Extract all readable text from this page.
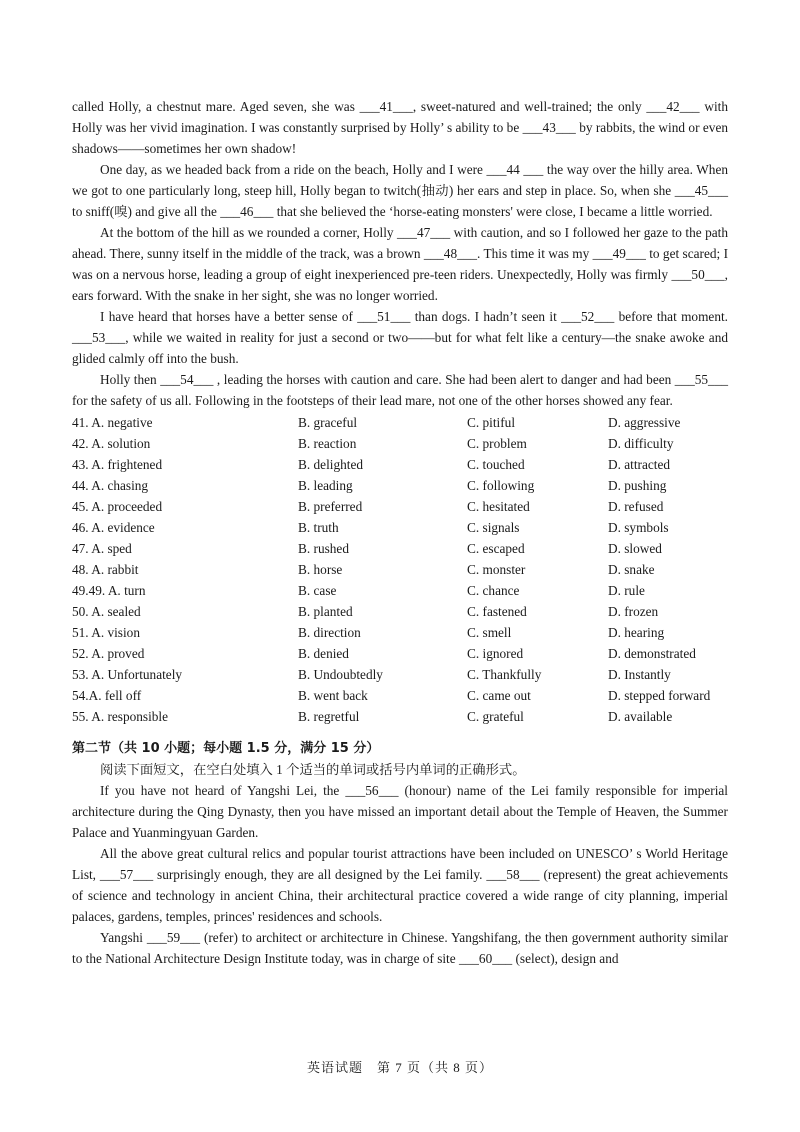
called Holly, a chestnut mare. Aged seven, she was ___41___, sweet-natured and well-trained; the only ___42___ with Holly was her vivid imagination. I was constantly surprised by Holly’ s ability to be ___43___ by rabbits, the wind or even shadows——sometimes her own shadow!

One day, as we headed back from a ride on the beach, Holly and I were ___44 ___ the way over the hilly area. When we got to one particularly long, steep hill, Holly began to twitch(抽动) her ears and step in place. So, when she ___45___ to sniff(嗅) and give all the ___46___ that she believed the ‘horse-eating monsters' were close, I became a little worried.

At the bottom of the hill as we rounded a corner, Holly ___47___ with caution, and so I followed her gaze to the path ahead. There, sunny itself in the middle of the track, was a brown ___48___. This time it was my ___49___ to get scared; I was on a nervous horse, leading a group of eight inexperienced pre-teen riders. Unexpectedly, Holly was firmly ___50___, ears forward. With the snake in her sight, she was no longer worried.

I have heard that horses have a better sense of ___51___ than dogs. I hadn’t seen it ___52___ before that moment. ___53___, while we waited in reality for just a second or two——but for what felt like a century—the snake awoke and glided calmly off into the bush.

Holly then ___54___ , leading the horses with caution and care. She had been alert to danger and had been ___55___ for the safety of us all. Following in the footsteps of their lead mare, not one of the other horses showed any fear.

41. A. negative	B. graceful	C. pitiful	D. aggressive
42. A. solution	B. reaction	C. problem	D. difficulty
43. A. frightened	B. delighted	C. touched	D. attracted
44. A. chasing	B. leading	C. following	D. pushing
45. A. proceeded	B. preferred	C. hesitated	D. refused
46. A. evidence	B. truth	C. signals	D. symbols
47. A. sped	B. rushed	C. escaped	D. slowed
48. A. rabbit	B. horse	C. monster	D. snake
49.49. A. turn	B. case	C. chance	D. rule
50. A. sealed	B. planted	C. fastened	D. frozen
51. A. vision	B. direction	C. smell	D. hearing
52. A. proved	B. denied	C. ignored	D. demonstrated
53. A. Unfortunately	B. Undoubtedly	C. Thankfully	D. Instantly
54.A. fell off	B. went back	C. came out	D. stepped forward
55. A. responsible	B. regretful	C. grateful	D. available
第二节（共 10 小题；每小题 1.5 分，满分 15 分）

阅读下面短文，在空白处填入 1 个适当的单词或括号内单词的正确形式。

If you have not heard of Yangshi Lei, the ___56___ (honour) name of the Lei family responsible for imperial architecture during the Qing Dynasty, then you have missed an important detail about the Temple of Heaven, the Summer Palace and Yuanmingyuan Garden.

All the above great cultural relics and popular tourist attractions have been included on UNESCO’ s World Heritage List, ___57___ surprisingly enough, they are all designed by the Lei family. ___58___ (represent) the great achievements of science and technology in ancient China, their architectural practice covered a wide range of city planning, imperial palaces, gardens, temples, princes' residences and schools.

Yangshi ___59___ (refer) to architect or architecture in Chinese. Yangshifang, the then government authority similar to the National Architecture Design Institute today, was in charge of site ___60___ (select), design and

英语试题　第 7 页（共 8 页）
